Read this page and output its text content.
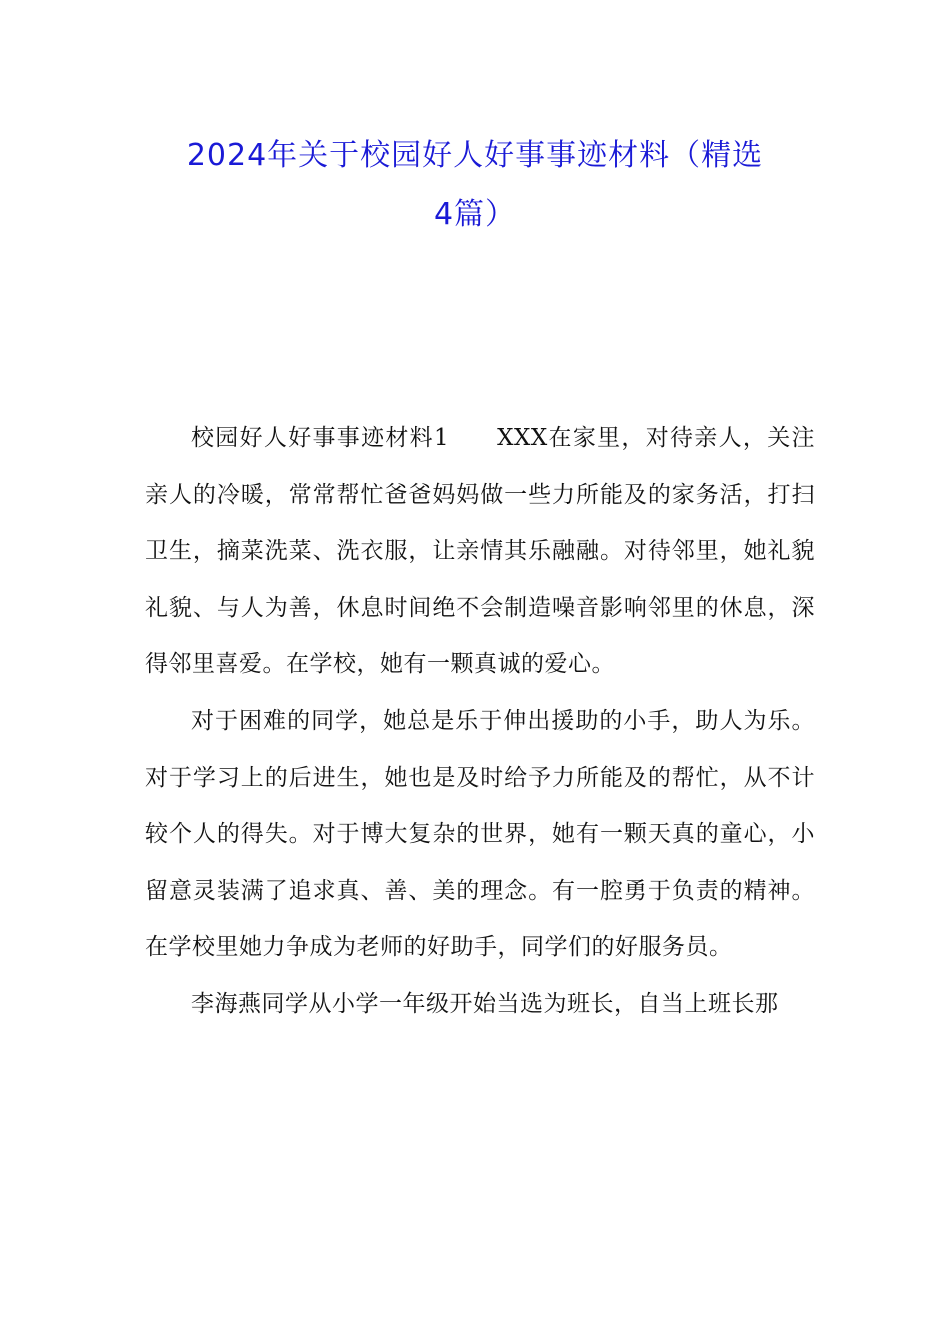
2024年关于校园好人好事事迹材料（精选
4篇）

校园好人好事事迹材料1 XXX在家里，对待亲人，关注亲人的冷暖，常常帮忙爸爸妈妈做一些力所能及的家务活，打扫卫生，摘菜洗菜、洗衣服，让亲情其乐融融。对待邻里，她礼貌礼貌、与人为善，休息时间绝不会制造噪音影响邻里的休息，深得邻里喜爱。在学校，她有一颗真诚的爱心。

对于困难的同学，她总是乐于伸出援助的小手，助人为乐。对于学习上的后进生，她也是及时给予力所能及的帮忙，从不计较个人的得失。对于博大复杂的世界，她有一颗天真的童心，小留意灵装满了追求真、善、美的理念。有一腔勇于负责的精神。在学校里她力争成为老师的好助手，同学们的好服务员。

李海燕同学从小学一年级开始当选为班长，自当上班长那
